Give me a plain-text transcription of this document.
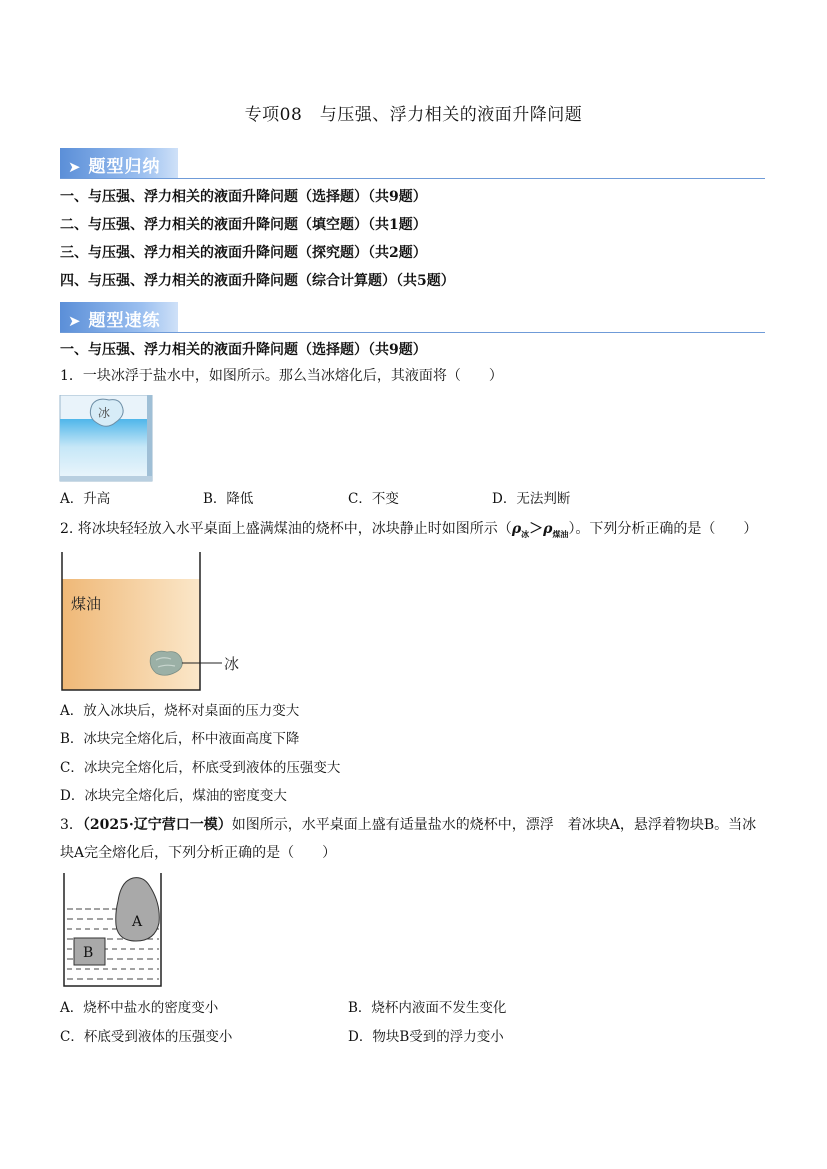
专项08　与压强、浮力相关的液面升降问题
➤ 题型归纳
一、与压强、浮力相关的液面升降问题（选择题）（共9题）
二、与压强、浮力相关的液面升降问题（填空题）（共1题）
三、与压强、浮力相关的液面升降问题（探究题）（共2题）
四、与压强、浮力相关的液面升降问题（综合计算题）（共5题）
➤ 题型速练
一、与压强、浮力相关的液面升降问题（选择题）（共9题）
1．一块冰浮于盐水中，如图所示。那么当冰熔化后，其液面将（　　）
冰
A．升高	B．降低	C．不变	D．无法判断
2. 将冰块轻轻放入水平桌面上盛满煤油的烧杯中，冰块静止时如图所示$(\rho_冰>\rho_{煤油})$。下列分析正确的是（　　）
煤油
冰
A．放入冰块后，烧杯对桌面的压力变大
B．冰块完全熔化后，杯中液面高度下降
C．冰块完全熔化后，杯底受到液体的压强变大
D．冰块完全熔化后，煤油的密度变大
3．（2025·辽宁营口一模）如图所示，水平桌面上盛有适量盐水的烧杯中，漂浮　着冰块A，悬浮着物块B。当冰
块A完全熔化后，下列分析正确的是（　　）
A
B
A．烧杯中盐水的密度变小	B．烧杯内液面不发生变化
C．杯底受到液体的压强变小	D．物块B受到的浮力变小
